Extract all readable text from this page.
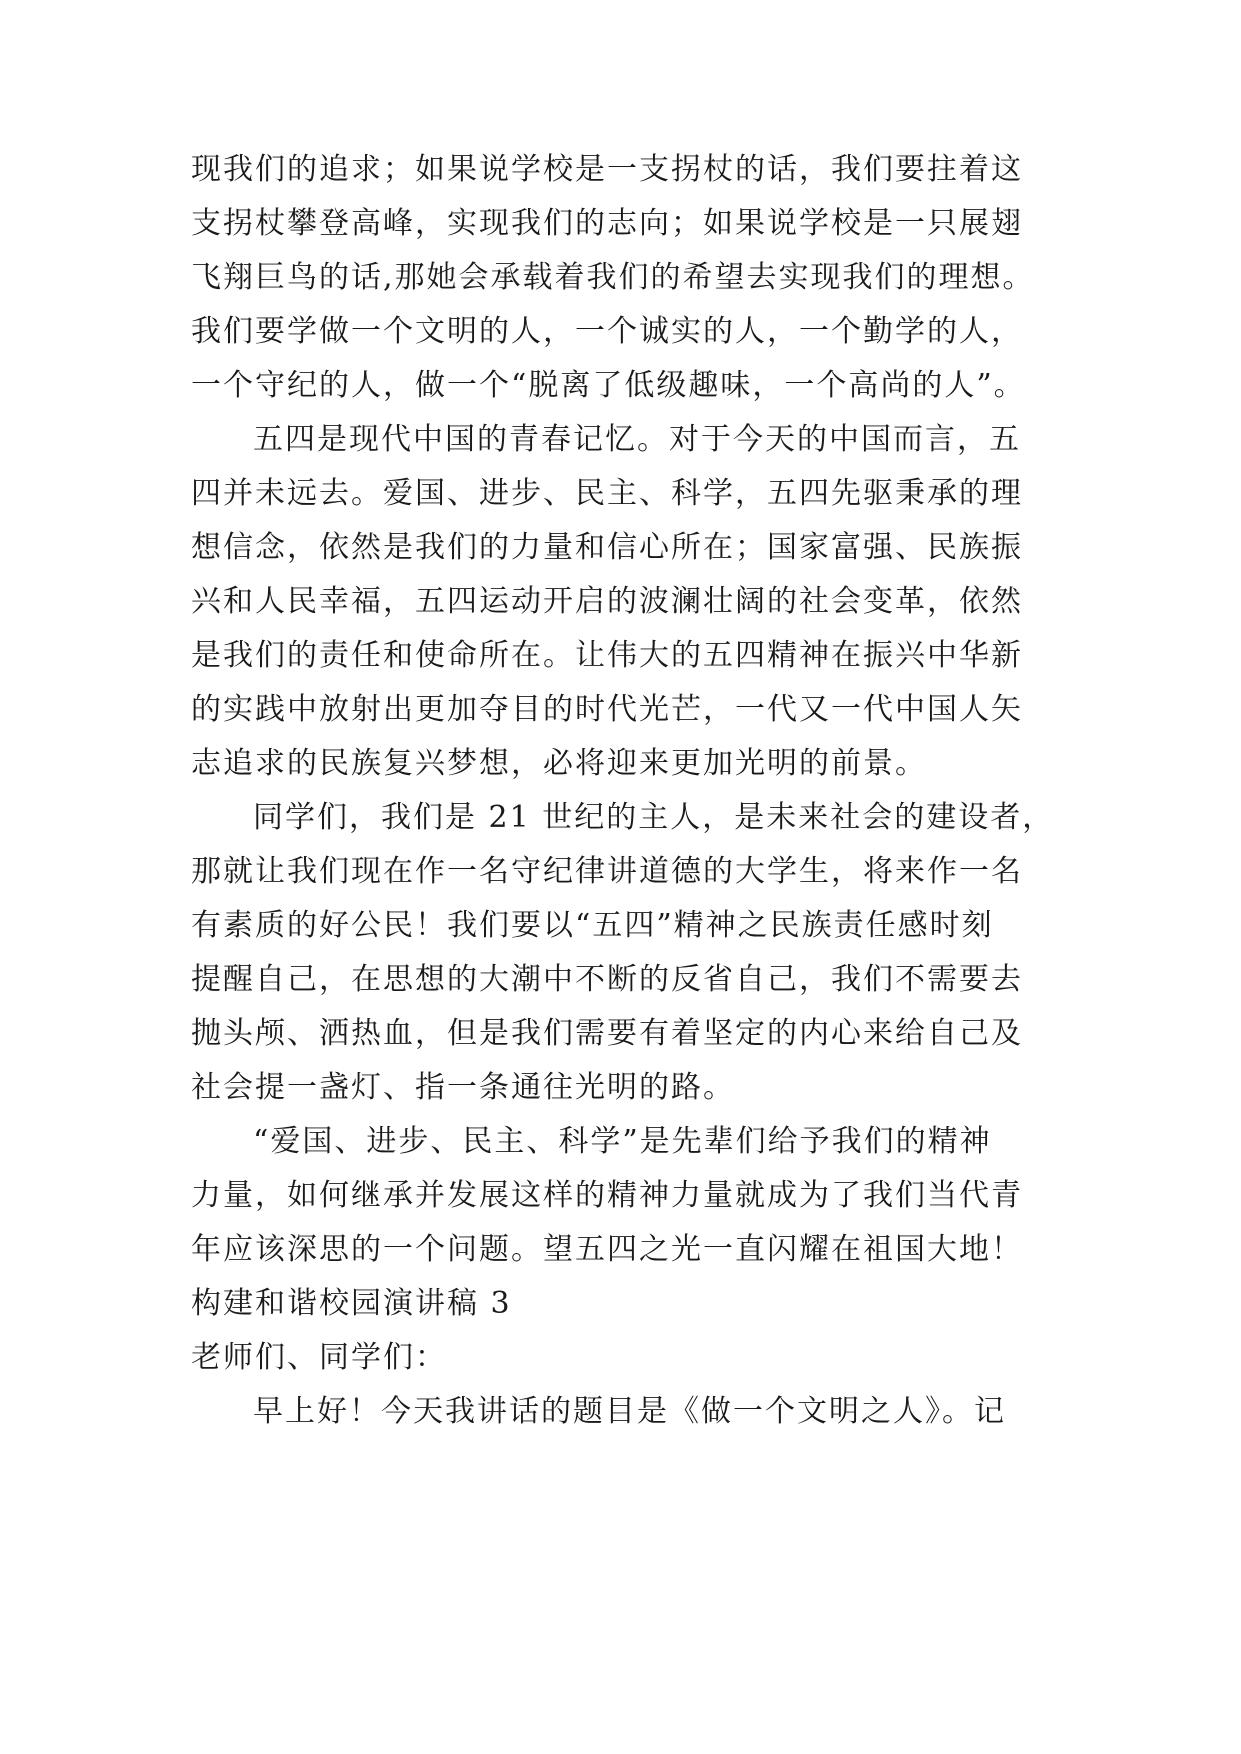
现我们的追求；如果说学校是一支拐杖的话，我们要拄着这
支拐杖攀登高峰，实现我们的志向；如果说学校是一只展翅
飞翔巨鸟的话,那她会承载着我们的希望去实现我们的理想。
我们要学做一个文明的人，一个诚实的人，一个勤学的人，
一个守纪的人，做一个“脱离了低级趣味，一个高尚的人”。
五四是现代中国的青春记忆。对于今天的中国而言，五
四并未远去。爱国、进步、民主、科学，五四先驱秉承的理
想信念，依然是我们的力量和信心所在；国家富强、民族振
兴和人民幸福，五四运动开启的波澜壮阔的社会变革，依然
是我们的责任和使命所在。让伟大的五四精神在振兴中华新
的实践中放射出更加夺目的时代光芒，一代又一代中国人矢
志追求的民族复兴梦想，必将迎来更加光明的前景。
同学们，我们是 21 世纪的主人，是未来社会的建设者，
那就让我们现在作一名守纪律讲道德的大学生，将来作一名
有素质的好公民！我们要以“五四”精神之民族责任感时刻
提醒自己，在思想的大潮中不断的反省自己，我们不需要去
抛头颅、洒热血，但是我们需要有着坚定的内心来给自己及
社会提一盏灯、指一条通往光明的路。
“爱国、进步、民主、科学”是先辈们给予我们的精神
力量，如何继承并发展这样的精神力量就成为了我们当代青
年应该深思的一个问题。望五四之光一直闪耀在祖国大地！
构建和谐校园演讲稿 3
老师们、同学们：
早上好！今天我讲话的题目是《做一个文明之人》。记
